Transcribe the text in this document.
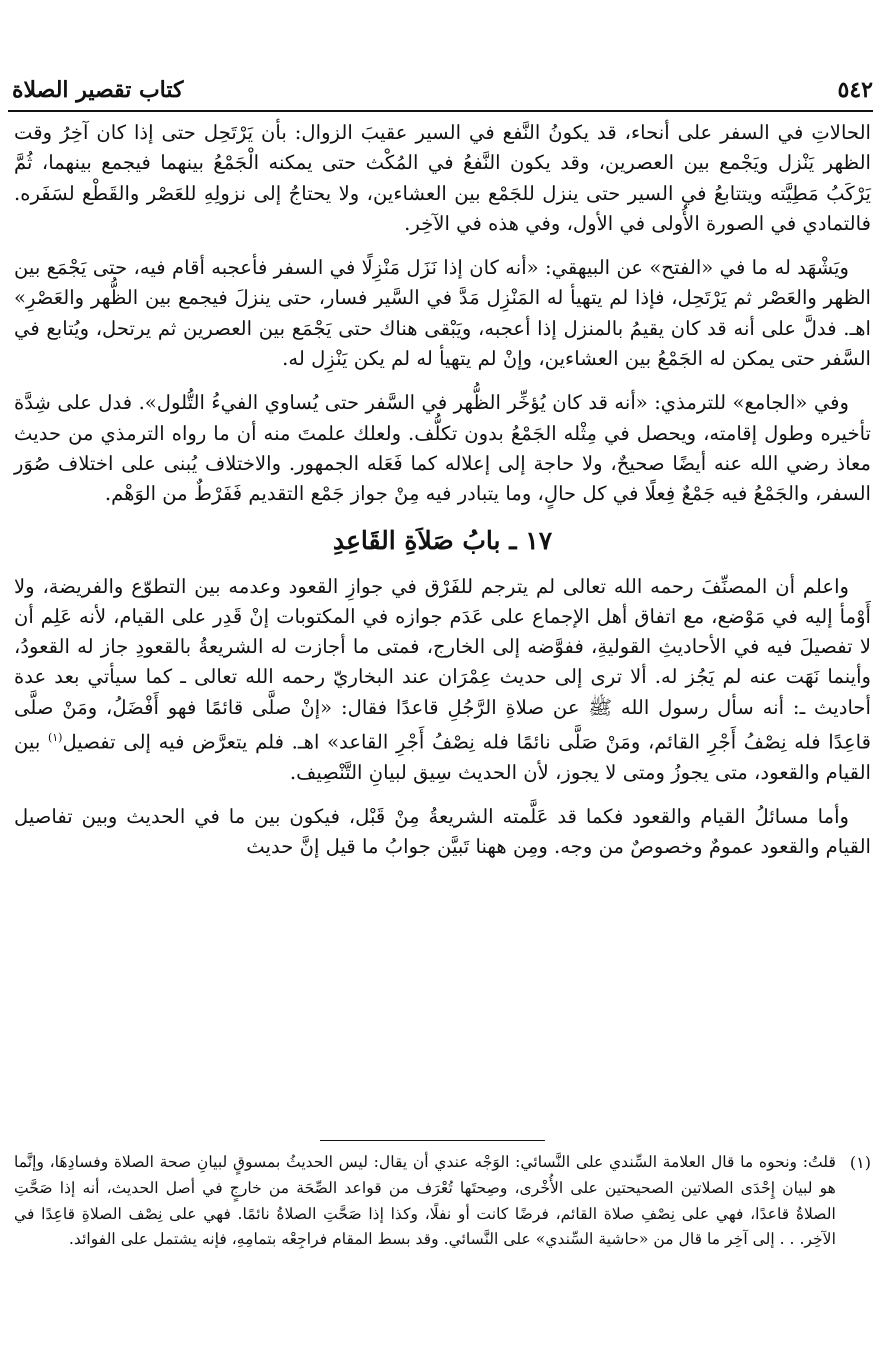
٥٤٢
كتاب تقصير الصلاة

الحالاتِ في السفر على أنحاء، قد يكونُ النَّفع في السير عقيبَ الزوال: بأن يَرْتَحِل حتى إذا كان آخِرُ وقت الظهر يَنْزل ويَجْمع بين العصرين، وقد يكون النَّفعُ في المُكْث حتى يمكنه الْجَمْعُ بينهما فيجمع بينهما، ثُمَّ يَرْكَبُ مَطِيَّته ويتتابعُ في السير حتى ينزل للجَمْع بين العشاءين، ولا يحتاجُ إلى نزولِهِ للعَصْر والقَطْع لسَفَره. فالتمادي في الصورة الأُولى في الأول، وفي هذه في الآخِر.

ويَشْهَد له ما في «الفتح» عن البيهقي: «أنه كان إذا نَزَل مَنْزِلًا في السفر فأعجبه أقام فيه، حتى يَجْمَع بين الظهر والعَصْر ثم يَرْتَحِل، فإذا لم يتهيأ له المَنْزِل مَدَّ في السَّير فسار، حتى ينزلَ فيجمع بين الظُّهر والعَصْرِ» اهـ. فدلَّ على أنه قد كان يقيمُ بالمنزل إذا أعجبه، ويَبْقى هناك حتى يَجْمَع بين العصرين ثم يرتحل، ويُتابع في السَّفر حتى يمكن له الجَمْعُ بين العشاءين، وإنْ لم يتهيأ له لم يكن يَنْزِل له.

وفي «الجامع» للترمذي: «أنه قد كان يُؤخِّر الظُّهر في السَّفر حتى يُساوي الفيءُ التُّلول». فدل على شِدَّة تأخيره وطول إقامته، ويحصل في مِثْله الجَمْعُ بدون تكلُّف. ولعلك علمتَ منه أن ما رواه الترمذي من حديث معاذ رضي الله عنه أيضًا صحيحٌ، ولا حاجة إلى إعلاله كما فَعَله الجمهور. والاختلاف يُبنى على اختلاف صُوَر السفر، والجَمْعُ فيه جَمْعٌ فِعلًا في كل حالٍ، وما يتبادر فيه مِنْ جواز جَمْع التقديم فَفَرْطٌ من الوَهْم.

١٧ ـ بابُ صَلاَةِ القَاعِدِ

واعلم أن المصنِّفَ رحمه الله تعالى لم يترجم للفَرْق في جوازِ القعود وعدمه بين التطوّع والفريضة، ولا أَوْمأ إليه في مَوْضع، مع اتفاق أهل الإجماع على عَدَم جوازه في المكتوبات إنْ قَدِر على القيام، لأنه عَلِم أن لا تفصيلَ فيه في الأحاديثِ القوليةِ، ففوَّضه إلى الخارج، فمتى ما أجازت له الشريعةُ بالقعودِ جاز له القعودُ، وأينما نَهَت عنه لم يَجُز له. ألا ترى إلى حديث عِمْرَان عند البخاريّ رحمه الله تعالى ـ كما سيأتي بعد عدة أحاديث ـ: أنه سأل رسول الله ﷺ عن صلاةِ الرَّجُلِ قاعدًا فقال: «إنْ صلَّى قائمًا فهو أَفْضَلُ، ومَنْ صلَّى قاعِدًا فله نِصْفُ أَجْرِ القائم، ومَنْ صَلَّى نائمًا فله نِصْفُ أَجْرِ القاعد» اهـ. فلم يتعرَّض فيه إلى تفصيل$^{(١)}$ بين القيام والقعود، متى يجوزُ ومتى لا يجوز، لأن الحديث سِيق لبيانِ التَّنْصِيف.

وأما مسائلُ القيام والقعود فكما قد عَلَّمته الشريعةُ مِنْ قَبْل، فيكون بين ما في الحديث وبين تفاصيل القيام والقعود عمومٌ وخصوصٌ من وجه. ومِن ههنا تَبيَّن جوابُ ما قيل إنَّ حديث

(١)

قلتُ: ونحوه ما قال العلامة السِّندي على النَّسائي: الوَجْه عندي أن يقال: ليس الحديثُ بمسوقٍ لبيانِ صحة الصلاة وفسادِهَا، وإنَّما هو لبيان إِحْدَى الصلاتين الصحيحتين على الأُخْرى، وصِحتَها تُعْرَف من قواعد الصِّحَة من خارجٍ في أصل الحديث، أنه إذا صَحَّتِ الصلاةُ قاعدًا، فهي على نِصْفِ صلاة القائم، فرضًا كانت أو نفلًا، وكذا إذا صَحَّتِ الصلاةُ نائمًا. فهي على نِصْف الصلاةِ قاعِدًا في الآخِر. . . إلى آخِر ما قال من «حاشية السِّندي» على النَّسائي. وقد بسط المقام فراجِعْه بتمامِهِ، فإنه يشتمل على الفوائد.
